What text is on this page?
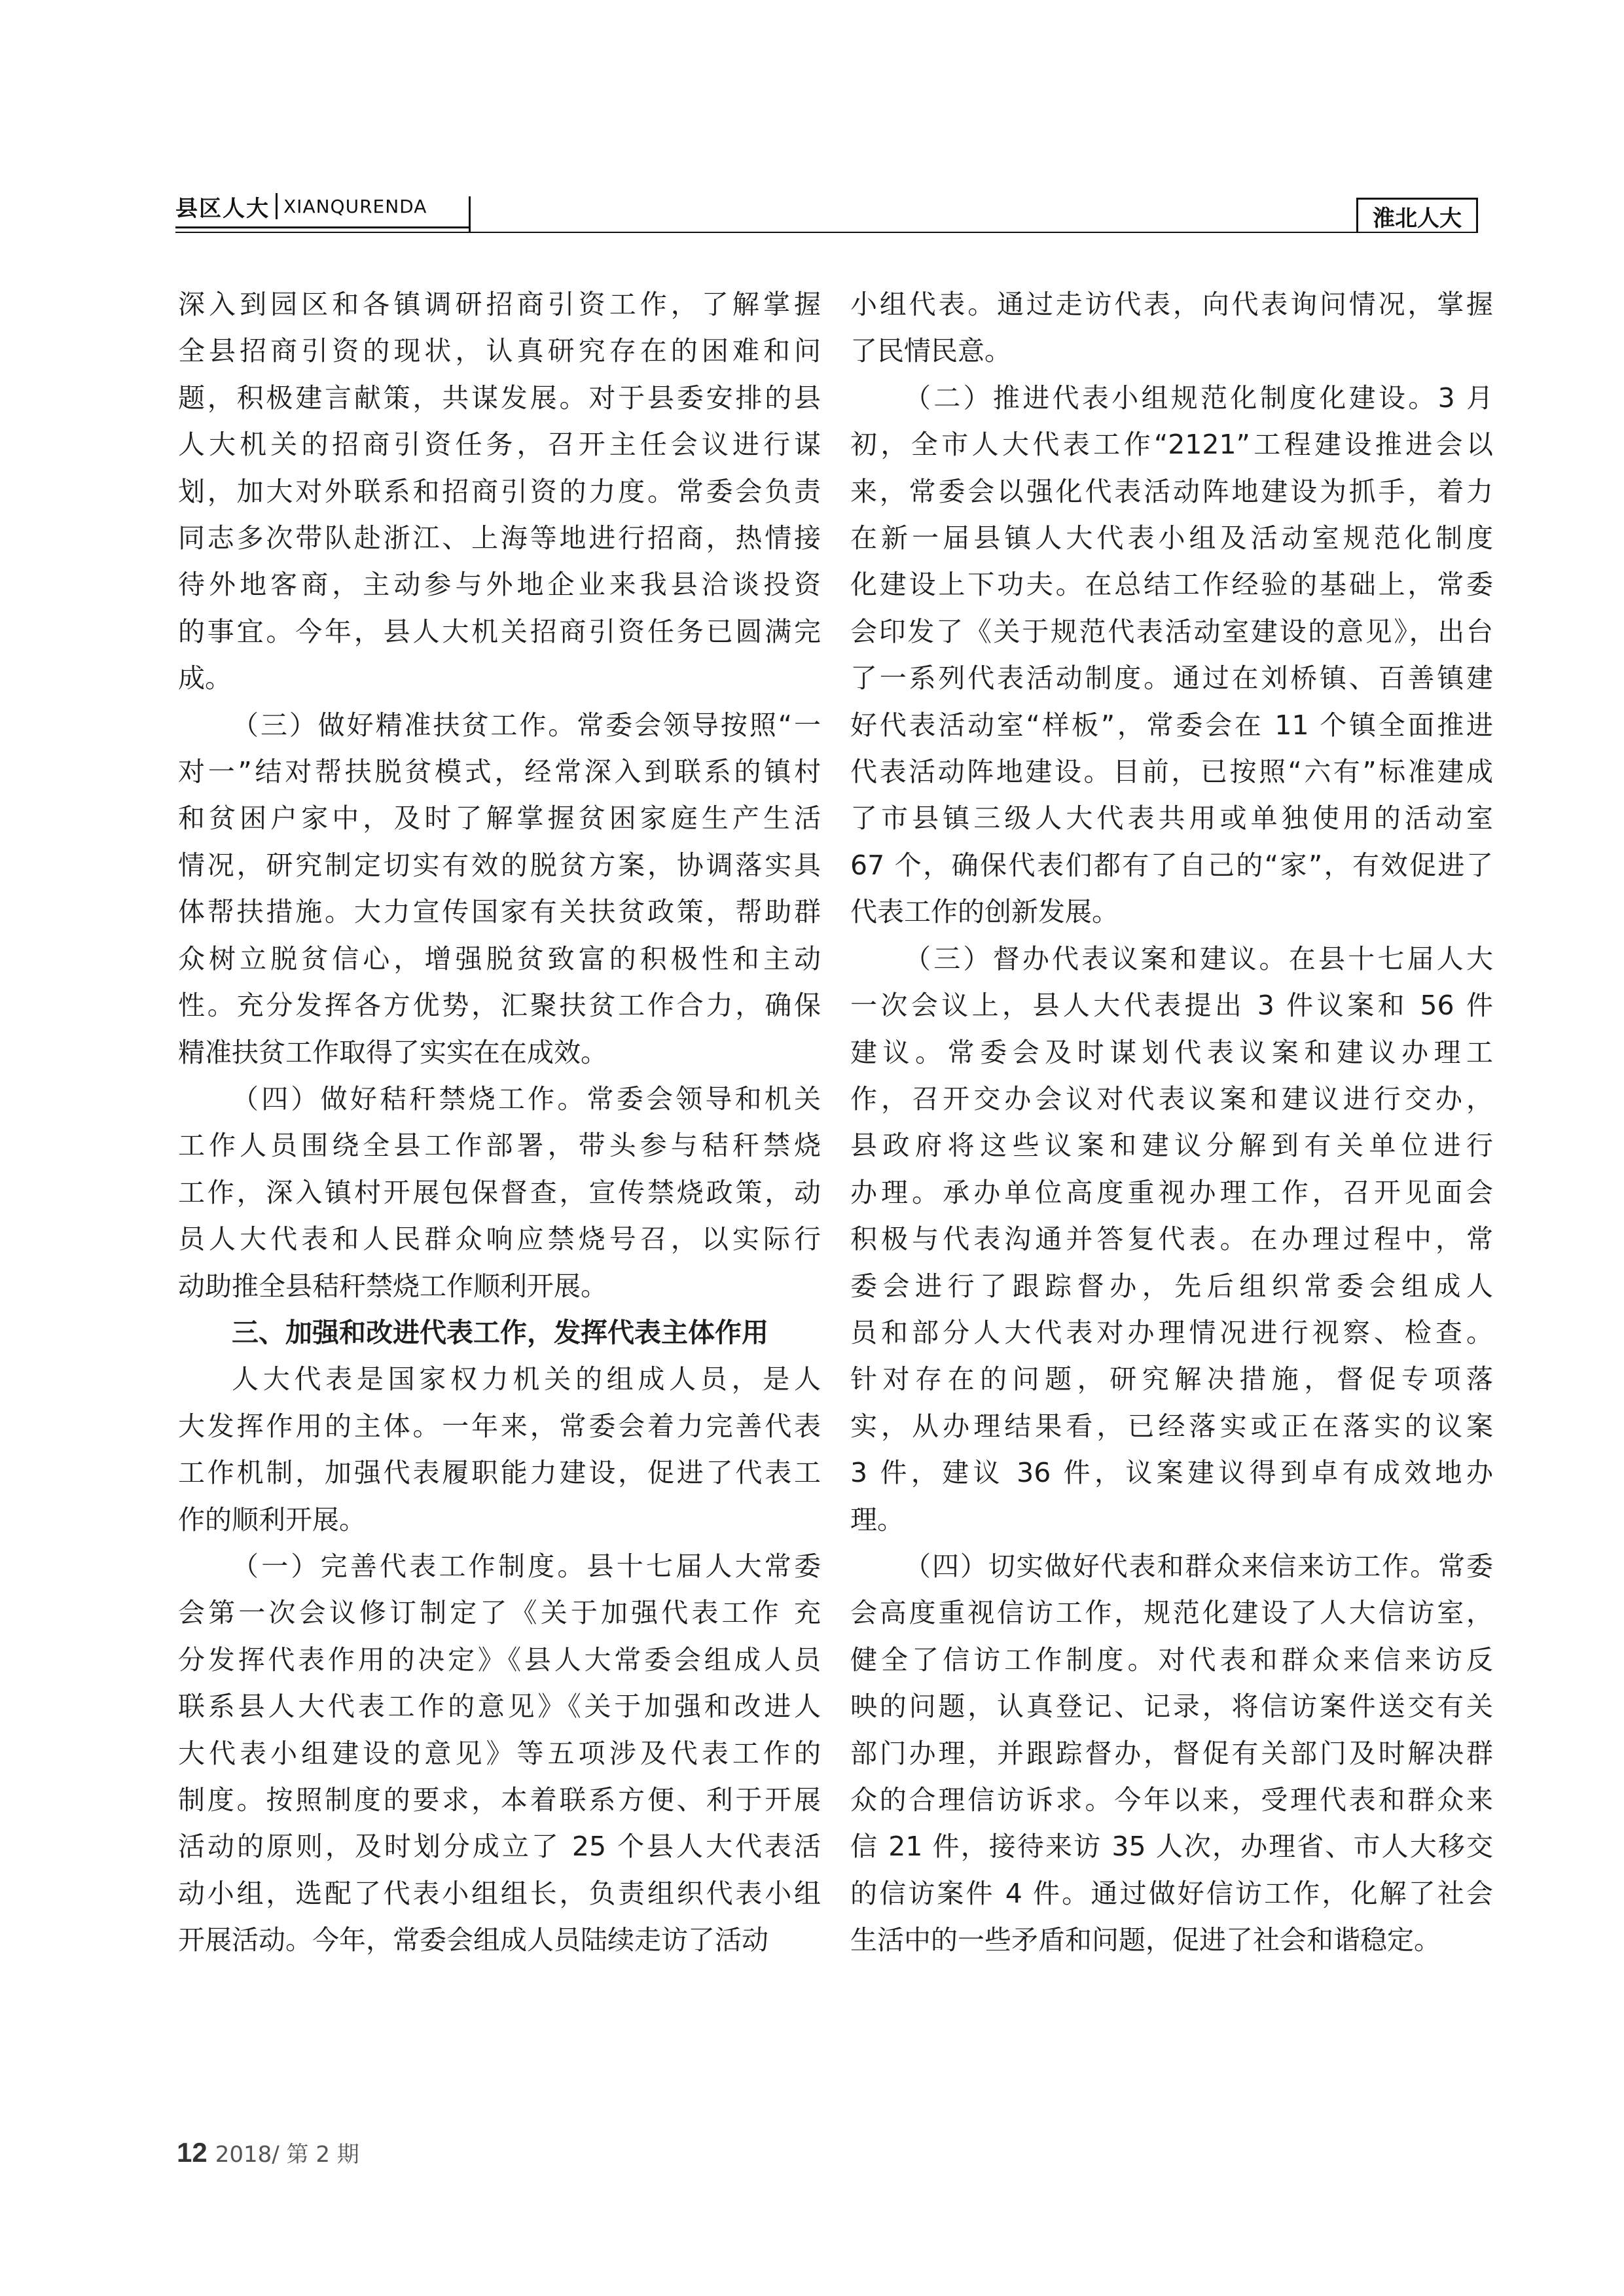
县区人大 XIANQURENDA	淮北人大

深入到园区和各镇调研招商引资工作，了解掌握

全县招商引资的现状，认真研究存在的困难和问

题，积极建言献策，共谋发展。对于县委安排的县

人大机关的招商引资任务，召开主任会议进行谋

划，加大对外联系和招商引资的力度。常委会负责

同志多次带队赴浙江、上海等地进行招商，热情接

待外地客商，主动参与外地企业来我县洽谈投资

的事宜。今年，县人大机关招商引资任务已圆满完

成。

（三）做好精准扶贫工作。常委会领导按照“一

对一”结对帮扶脱贫模式，经常深入到联系的镇村

和贫困户家中，及时了解掌握贫困家庭生产生活

情况，研究制定切实有效的脱贫方案，协调落实具

体帮扶措施。大力宣传国家有关扶贫政策，帮助群

众树立脱贫信心，增强脱贫致富的积极性和主动

性。充分发挥各方优势，汇聚扶贫工作合力，确保

精准扶贫工作取得了实实在在成效。

（四）做好秸秆禁烧工作。常委会领导和机关

工作人员围绕全县工作部署，带头参与秸秆禁烧

工作，深入镇村开展包保督查，宣传禁烧政策，动

员人大代表和人民群众响应禁烧号召，以实际行

动助推全县秸秆禁烧工作顺利开展。

三、加强和改进代表工作，发挥代表主体作用

人大代表是国家权力机关的组成人员，是人

大发挥作用的主体。一年来，常委会着力完善代表

工作机制，加强代表履职能力建设，促进了代表工

作的顺利开展。

（一）完善代表工作制度。县十七届人大常委

会第一次会议修订制定了《关于加强代表工作 充

分发挥代表作用的决定》《县人大常委会组成人员

联系县人大代表工作的意见》《关于加强和改进人

大代表小组建设的意见》等五项涉及代表工作的

制度。按照制度的要求，本着联系方便、利于开展

活动的原则，及时划分成立了 25 个县人大代表活

动小组，选配了代表小组组长，负责组织代表小组

开展活动。今年，常委会组成人员陆续走访了活动

小组代表。通过走访代表，向代表询问情况，掌握

了民情民意。

（二）推进代表小组规范化制度化建设。3 月

初，全市人大代表工作“2121”工程建设推进会以

来，常委会以强化代表活动阵地建设为抓手，着力

在新一届县镇人大代表小组及活动室规范化制度

化建设上下功夫。在总结工作经验的基础上，常委

会印发了《关于规范代表活动室建设的意见》，出台

了一系列代表活动制度。通过在刘桥镇、百善镇建

好代表活动室“样板”，常委会在 11 个镇全面推进

代表活动阵地建设。目前，已按照“六有”标准建成

了市县镇三级人大代表共用或单独使用的活动室

67 个，确保代表们都有了自己的“家”，有效促进了

代表工作的创新发展。

（三）督办代表议案和建议。在县十七届人大

一次会议上，县人大代表提出 3 件议案和 56 件

建议。常委会及时谋划代表议案和建议办理工

作，召开交办会议对代表议案和建议进行交办，

县政府将这些议案和建议分解到有关单位进行

办理。承办单位高度重视办理工作，召开见面会

积极与代表沟通并答复代表。在办理过程中，常

委会进行了跟踪督办，先后组织常委会组成人

员和部分人大代表对办理情况进行视察、检查。

针对存在的问题，研究解决措施，督促专项落

实，从办理结果看，已经落实或正在落实的议案

3 件，建议 36 件，议案建议得到卓有成效地办

理。

（四）切实做好代表和群众来信来访工作。常委

会高度重视信访工作，规范化建设了人大信访室，

健全了信访工作制度。对代表和群众来信来访反

映的问题，认真登记、记录，将信访案件送交有关

部门办理，并跟踪督办，督促有关部门及时解决群

众的合理信访诉求。今年以来，受理代表和群众来

信 21 件，接待来访 35 人次，办理省、市人大移交

的信访案件 4 件。通过做好信访工作，化解了社会

生活中的一些矛盾和问题，促进了社会和谐稳定。

12 2018/ 第 2 期
